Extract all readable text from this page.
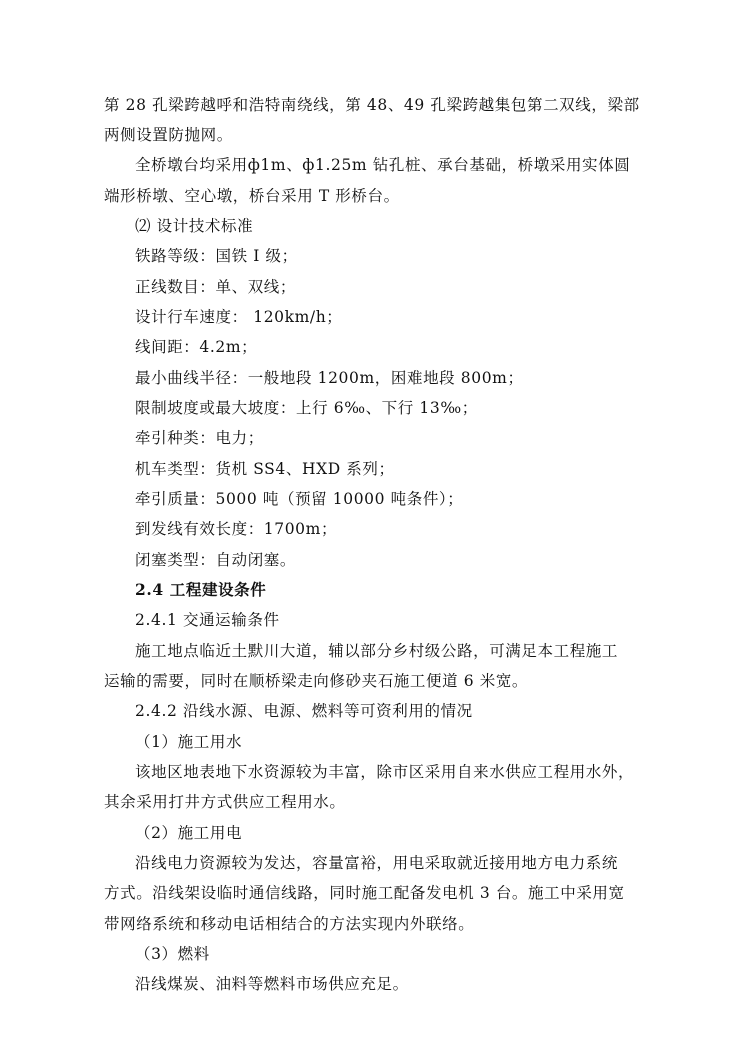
第 28 孔梁跨越呼和浩特南绕线，第 48、49 孔梁跨越集包第二双线，梁部
两侧设置防抛网。
全桥墩台均采用ф1m、ф1.25m 钻孔桩、承台基础，桥墩采用实体圆
端形桥墩、空心墩，桥台采用 T 形桥台。
⑵ 设计技术标准
铁路等级：国铁 I 级；
正线数目：单、双线；
设计行车速度： 120km/h；
线间距：4.2m；
最小曲线半径：一般地段 1200m，困难地段 800m；
限制坡度或最大坡度：上行 6‰、下行 13‰；
牵引种类：电力；
机车类型：货机 SS4、HXD 系列；
牵引质量：5000 吨（预留 10000 吨条件）；
到发线有效长度：1700m；
闭塞类型：自动闭塞。
2.4 工程建设条件
2.4.1 交通运输条件
施工地点临近土默川大道，辅以部分乡村级公路，可满足本工程施工
运输的需要，同时在顺桥梁走向修砂夹石施工便道 6 米宽。
2.4.2 沿线水源、电源、燃料等可资利用的情况
（1）施工用水
该地区地表地下水资源较为丰富，除市区采用自来水供应工程用水外，
其余采用打井方式供应工程用水。
（2）施工用电
沿线电力资源较为发达，容量富裕，用电采取就近接用地方电力系统
方式。沿线架设临时通信线路，同时施工配备发电机 3 台。施工中采用宽
带网络系统和移动电话相结合的方法实现内外联络。
（3）燃料
沿线煤炭、油料等燃料市场供应充足。
